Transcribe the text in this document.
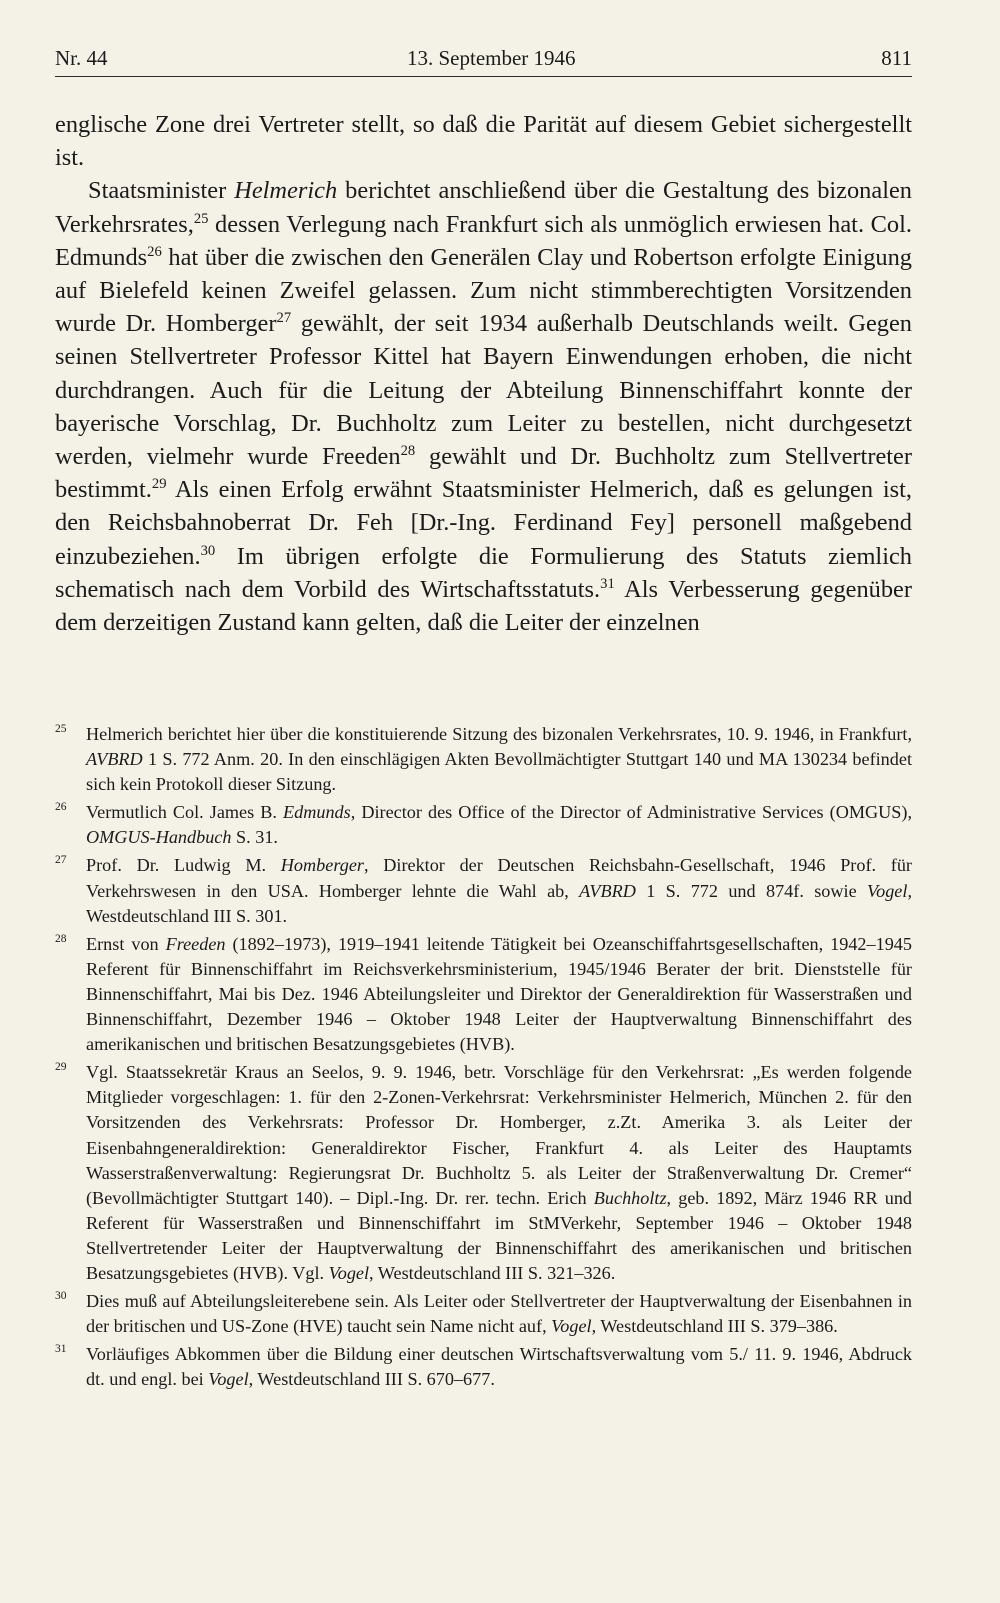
Nr. 44	13. September 1946	811

englische Zone drei Vertreter stellt, so daß die Parität auf diesem Gebiet sichergestellt ist.

Staatsminister Helmerich berichtet anschließend über die Gestaltung des bizonalen Verkehrsrates,$^{25}$ dessen Verlegung nach Frankfurt sich als unmöglich erwiesen hat. Col. Edmunds$^{26}$ hat über die zwischen den Generälen Clay und Robertson erfolgte Einigung auf Bielefeld keinen Zweifel gelassen. Zum nicht stimmberechtigten Vorsitzenden wurde Dr. Homberger$^{27}$ gewählt, der seit 1934 außerhalb Deutschlands weilt. Gegen seinen Stellvertreter Professor Kittel hat Bayern Einwendungen erhoben, die nicht durchdrangen. Auch für die Leitung der Abteilung Binnenschiffahrt konnte der bayerische Vorschlag, Dr. Buchholtz zum Leiter zu bestellen, nicht durchgesetzt werden, vielmehr wurde Freeden$^{28}$ gewählt und Dr. Buchholtz zum Stellvertreter bestimmt.$^{29}$ Als einen Erfolg erwähnt Staatsminister Helmerich, daß es gelungen ist, den Reichsbahnoberrat Dr. Feh [Dr.-Ing. Ferdinand Fey] personell maßgebend einzubeziehen.$^{30}$ Im übrigen erfolgte die Formulierung des Statuts ziemlich schematisch nach dem Vorbild des Wirtschaftsstatuts.$^{31}$ Als Verbesserung gegenüber dem derzeitigen Zustand kann gelten, daß die Leiter der einzelnen

25 Helmerich berichtet hier über die konstituierende Sitzung des bizonalen Verkehrsrates, 10. 9. 1946, in Frankfurt, AVBRD 1 S. 772 Anm. 20. In den einschlägigen Akten Bevollmächtigter Stuttgart 140 und MA 130234 befindet sich kein Protokoll dieser Sitzung.
26 Vermutlich Col. James B. Edmunds, Director des Office of the Director of Administrative Services (OMGUS), OMGUS-Handbuch S. 31.
27 Prof. Dr. Ludwig M. Homberger, Direktor der Deutschen Reichsbahn-Gesellschaft, 1946 Prof. für Verkehrswesen in den USA. Homberger lehnte die Wahl ab, AVBRD 1 S. 772 und 874f. sowie Vogel, Westdeutschland III S. 301.
28 Ernst von Freeden (1892–1973), 1919–1941 leitende Tätigkeit bei Ozeanschiffahrtsgesellschaften, 1942–1945 Referent für Binnenschiffahrt im Reichsverkehrsministerium, 1945/1946 Berater der brit. Dienststelle für Binnenschiffahrt, Mai bis Dez. 1946 Abteilungsleiter und Direktor der Generaldirektion für Wasserstraßen und Binnenschiffahrt, Dezember 1946 – Oktober 1948 Leiter der Hauptverwaltung Binnenschiffahrt des amerikanischen und britischen Besatzungsgebietes (HVB).
29 Vgl. Staatssekretär Kraus an Seelos, 9. 9. 1946, betr. Vorschläge für den Verkehrsrat: „Es werden folgende Mitglieder vorgeschlagen: 1. für den 2-Zonen-Verkehrsrat: Verkehrsminister Helmerich, München 2. für den Vorsitzenden des Verkehrsrats: Professor Dr. Homberger, z.Zt. Amerika 3. als Leiter der Eisenbahngeneraldirektion: Generaldirektor Fischer, Frankfurt 4. als Leiter des Hauptamts Wasserstraßenverwaltung: Regierungsrat Dr. Buchholtz 5. als Leiter der Straßenverwaltung Dr. Cremer“ (Bevollmächtigter Stuttgart 140). – Dipl.-Ing. Dr. rer. techn. Erich Buchholtz, geb. 1892, März 1946 RR und Referent für Wasserstraßen und Binnenschiffahrt im StMVerkehr, September 1946 – Oktober 1948 Stellvertretender Leiter der Hauptverwaltung der Binnenschiffahrt des amerikanischen und britischen Besatzungsgebietes (HVB). Vgl. Vogel, Westdeutschland III S. 321–326.
30 Dies muß auf Abteilungsleiterebene sein. Als Leiter oder Stellvertreter der Hauptverwaltung der Eisenbahnen in der britischen und US-Zone (HVE) taucht sein Name nicht auf, Vogel, Westdeutschland III S. 379–386.
31 Vorläufiges Abkommen über die Bildung einer deutschen Wirtschaftsverwaltung vom 5./ 11. 9. 1946, Abdruck dt. und engl. bei Vogel, Westdeutschland III S. 670–677.
